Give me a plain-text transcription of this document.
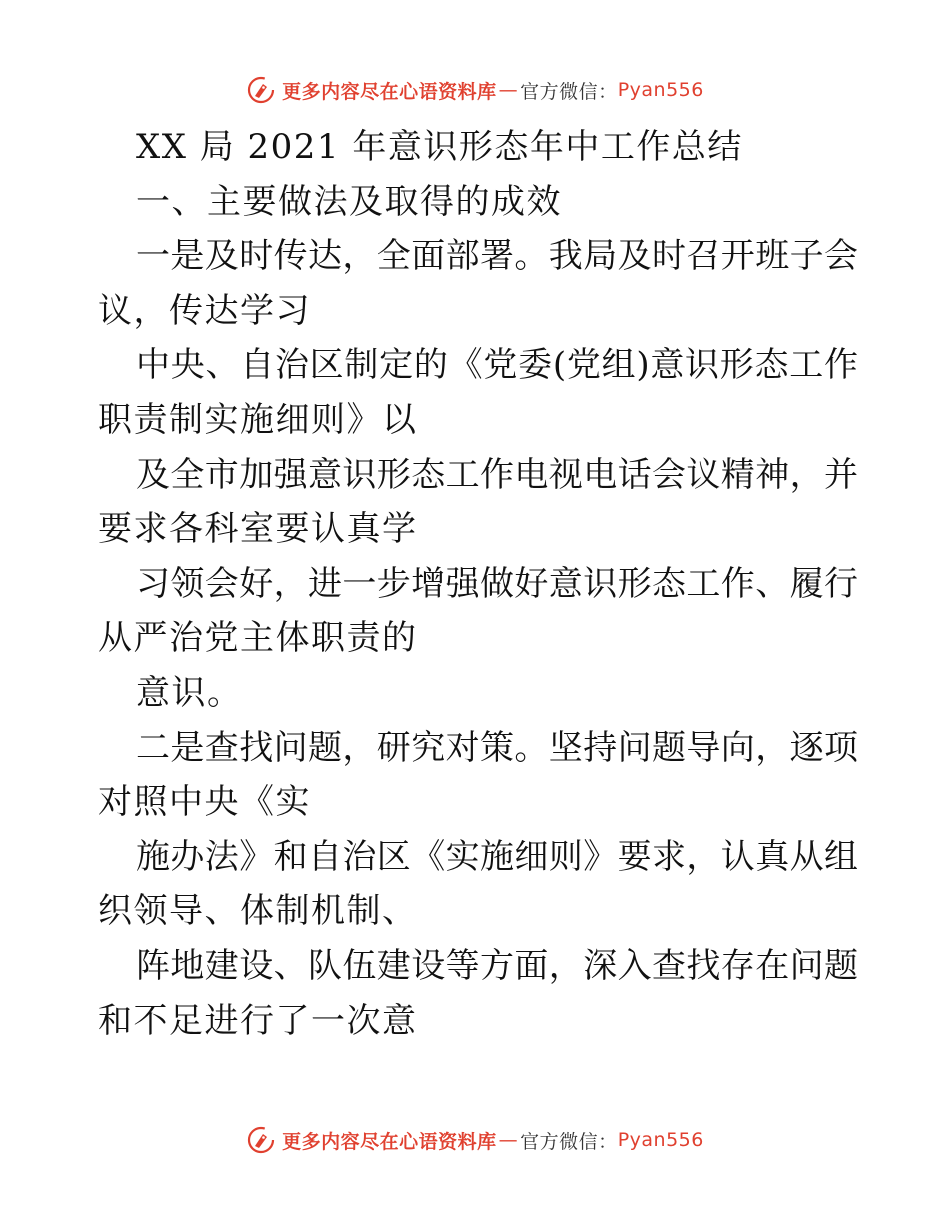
更多内容尽在心语资料库 — 官方微信： Pyan556
XX 局 2021 年意识形态年中工作总结
一、主要做法及取得的成效
一是及时传达，全面部署。我局及时召开班子会
议，传达学习
中央、自治区制定的《党委(党组)意识形态工作
职责制实施细则》以
及全市加强意识形态工作电视电话会议精神，并
要求各科室要认真学
习领会好，进一步增强做好意识形态工作、履行
从严治党主体职责的
意识。
二是查找问题，研究对策。坚持问题导向，逐项
对照中央《实
施办法》和自治区《实施细则》要求，认真从组
织领导、体制机制、
阵地建设、队伍建设等方面，深入查找存在问题
和不足进行了一次意
更多内容尽在心语资料库 — 官方微信： Pyan556
